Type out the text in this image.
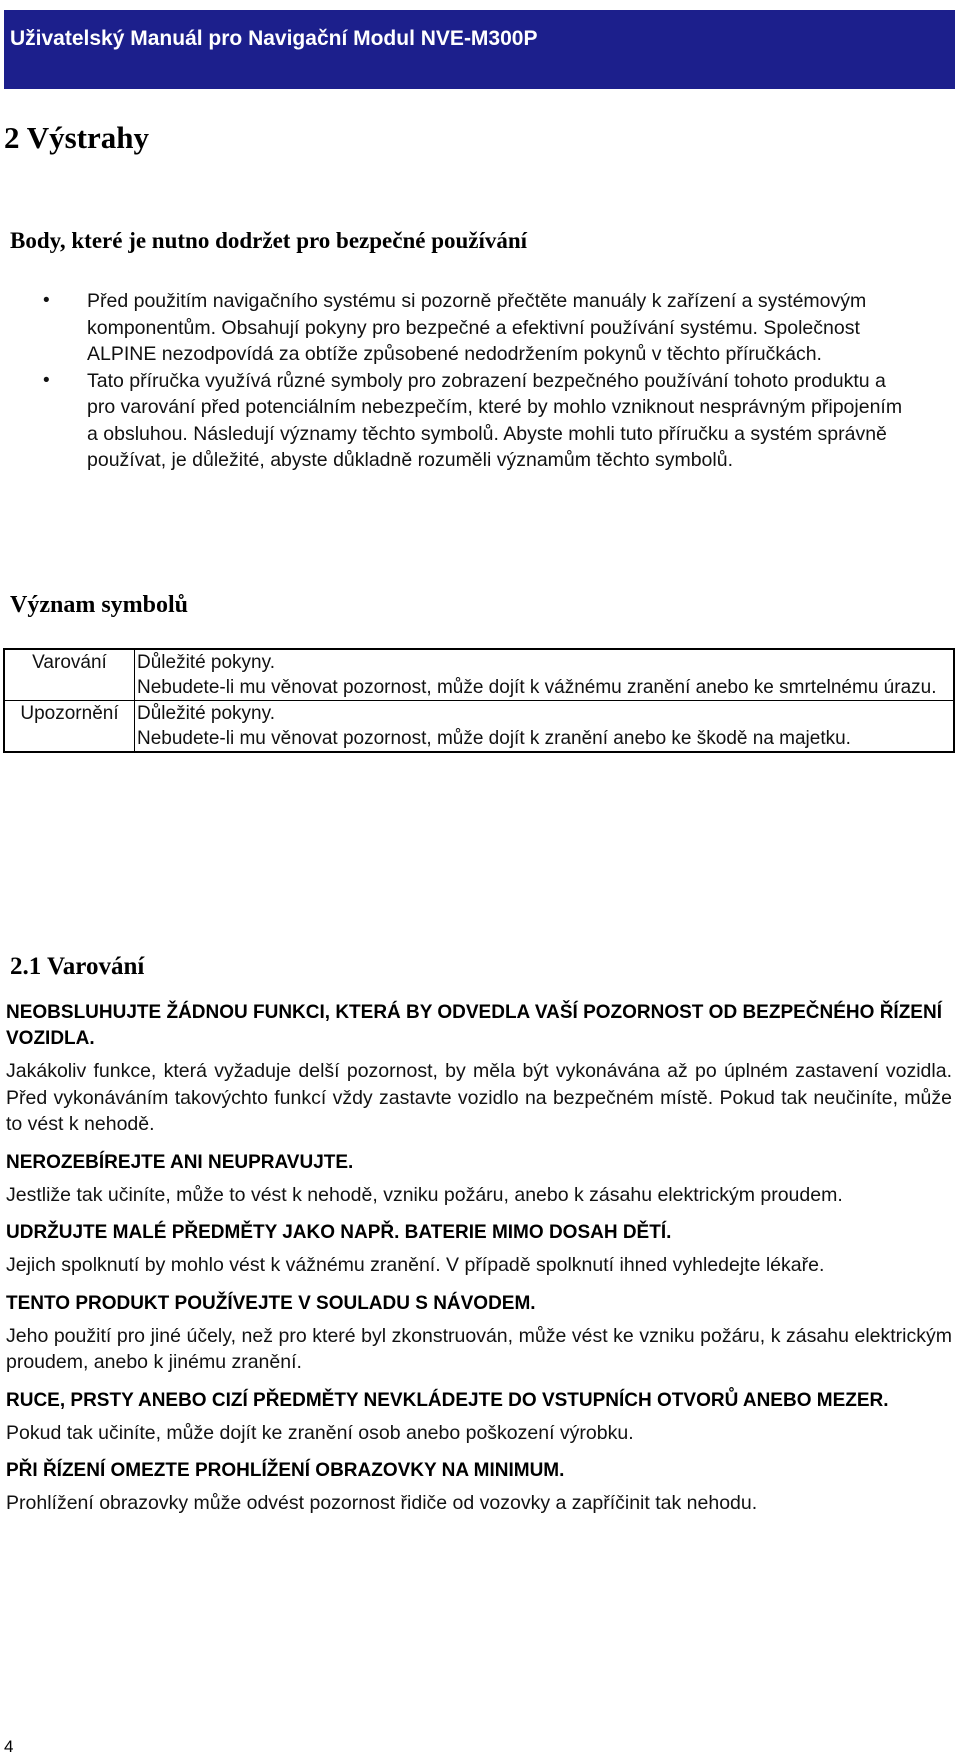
Uživatelský Manuál pro Navigační Modul NVE-M300P
2 Výstrahy
Body, které je nutno dodržet pro bezpečné používání
• Před použitím navigačního systému si pozorně přečtěte manuály k zařízení a systémovým komponentům. Obsahují pokyny pro bezpečné a efektivní používání systému. Společnost ALPINE nezodpovídá za obtíže způsobené nedodržením pokynů v těchto příručkách.
• Tato příručka využívá různé symboly pro zobrazení bezpečného používání tohoto produktu a pro varování před potenciálním nebezpečím, které by mohlo vzniknout nesprávným připojením a obsluhou. Následují významy těchto symbolů. Abyste mohli tuto příručku a systém správně používat, je důležité, abyste důkladně rozuměli významům těchto symbolů.
Význam symbolů
Varování	Důležité pokyny.
Nebudete-li mu věnovat pozornost, může dojít k vážnému zranění anebo ke smrtelnému úrazu.

Upozornění	Důležité pokyny.
Nebudete-li mu věnovat pozornost, může dojít k zranění anebo ke škodě na majetku.
2.1 Varování

NEOBSLUHUJTE ŽÁDNOU FUNKCI, KTERÁ BY ODVEDLA VAŠÍ POZORNOST OD BEZPEČNÉHO ŘÍZENÍ VOZIDLA.

Jakákoliv funkce, která vyžaduje delší pozornost, by měla být vykonávána až po úplném zastavení vozidla. Před vykonáváním takovýchto funkcí vždy zastavte vozidlo na bezpečném místě. Pokud tak neučiníte, může to vést k nehodě.

NEROZEBÍREJTE ANI NEUPRAVUJTE.

Jestliže tak učiníte, může to vést k nehodě, vzniku požáru, anebo k zásahu elektrickým proudem.

UDRŽUJTE MALÉ PŘEDMĚTY JAKO NAPŘ. BATERIE MIMO DOSAH DĚTÍ.

Jejich spolknutí by mohlo vést k vážnému zranění. V případě spolknutí ihned vyhledejte lékaře.

TENTO PRODUKT POUŽÍVEJTE V SOULADU S NÁVODEM.

Jeho použití pro jiné účely, než pro které byl zkonstruován, může vést ke vzniku požáru, k zásahu elektrickým proudem, anebo k jinému zranění.

RUCE, PRSTY ANEBO CIZÍ PŘEDMĚTY NEVKLÁDEJTE DO VSTUPNÍCH OTVORŮ ANEBO MEZER.

Pokud tak učiníte, může dojít ke zranění osob anebo poškození výrobku.

PŘI ŘÍZENÍ OMEZTE PROHLÍŽENÍ OBRAZOVKY NA MINIMUM.

Prohlížení obrazovky může odvést pozornost řidiče od vozovky a zapříčinit tak nehodu.

4
